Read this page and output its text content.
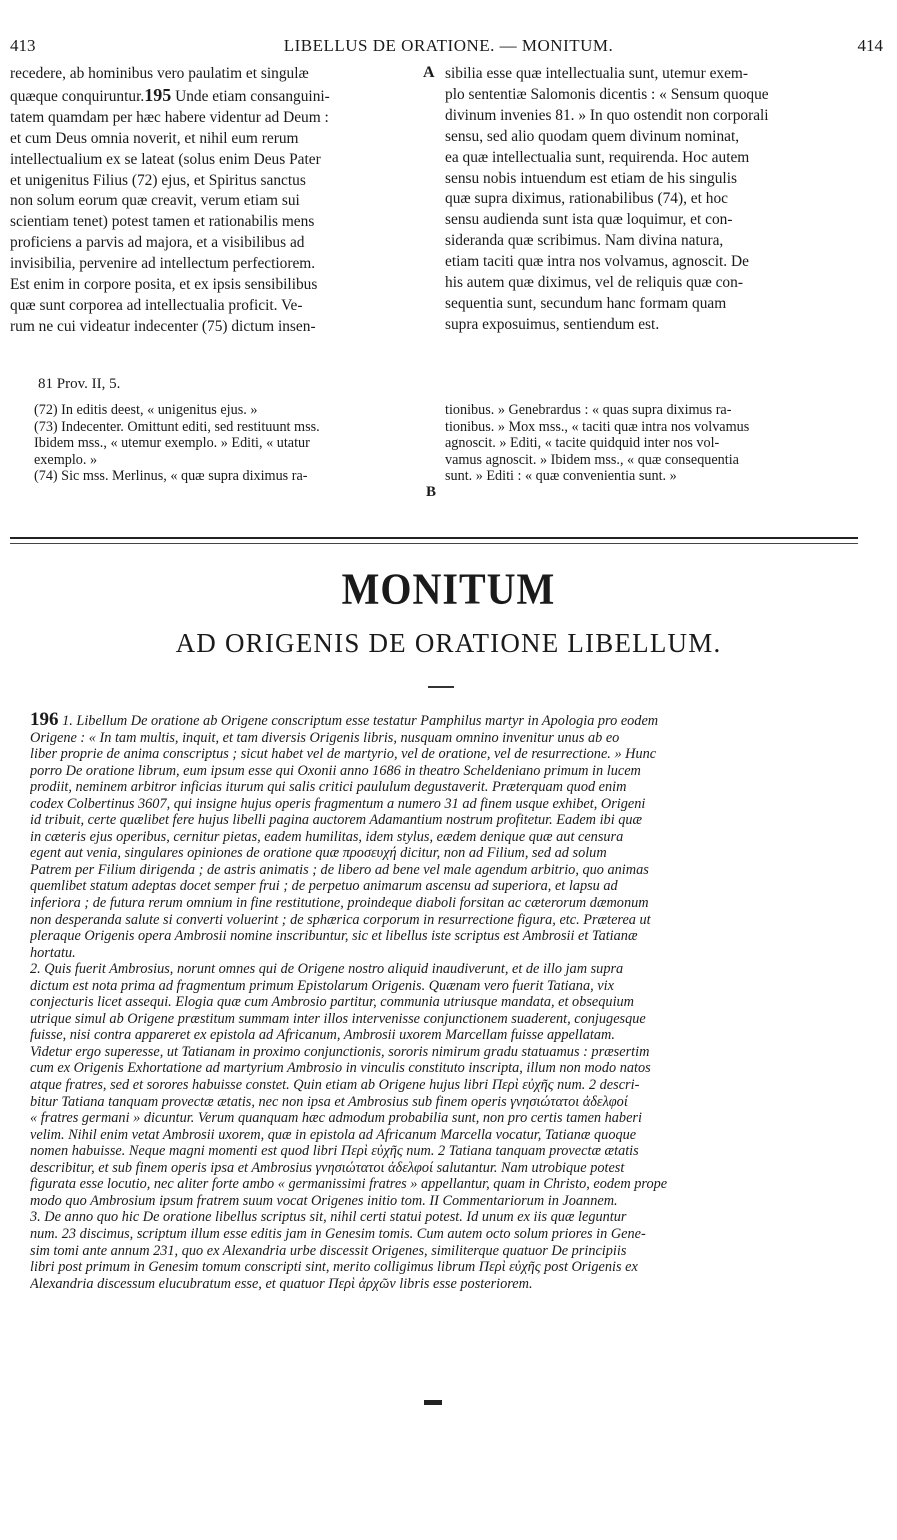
413	LIBELLUS DE ORATIONE. — MONITUM.	414
recedere, ab hominibus vero paulatim et singulæ
quæque conquiruntur.195 Unde etiam consanguini-
tatem quamdam per hæc habere videntur ad Deum :
et cum Deus omnia noverit, et nihil eum rerum
intellectualium ex se lateat (solus enim Deus Pater
et unigenitus Filius (72) ejus, et Spiritus sanctus
non solum eorum quæ creavit, verum etiam sui
scientiam tenet) potest tamen et rationabilis mens
proficiens a parvis ad majora, et a visibilibus ad
invisibilia, pervenire ad intellectum perfectiorem.
Est enim in corpore posita, et ex ipsis sensibilibus
quæ sunt corporea ad intellectualia proficit. Ve-
rum ne cui videatur indecenter (75) dictum insen-
A sibilia esse quæ intellectualia sunt, utemur exem-
plo sententiæ Salomonis dicentis : « Sensum quoque
divinum invenies 81. » In quo ostendit non corporali
sensu, sed alio quodam quem divinum nominat,
ea quæ intellectualia sunt, requirenda. Hoc autem
sensu nobis intuendum est etiam de his singulis
quæ supra diximus, rationabilibus (74), et hoc
sensu audienda sunt ista quæ loquimur, et con-
sideranda quæ scribimus. Nam divina natura,
etiam taciti quæ intra nos volvamus, agnoscit. De
his autem quæ diximus, vel de reliquis quæ con-
sequentia sunt, secundum hanc formam quam
supra exposuimus, sentiendum est.
81 Prov. II, 5.
(72) In editis deest, « unigenitus ejus. »
(73) Indecenter. Omittunt editi, sed restituunt mss.
Ibidem mss., « utemur exemplo. » Editi, « utatur
exemplo. »
(74) Sic mss. Merlinus, « quæ supra diximus ra-
B
tionibus. » Genebrardus : « quas supra diximus ra-
tionibus. » Mox mss., « taciti quæ intra nos volvamus
agnoscit. » Editi, « tacite quidquid inter nos vol-
vamus agnoscit. » Ibidem mss., « quæ consequentia
sunt. » Editi : « quæ convenientia sunt. »
MONITUM
AD ORIGENIS DE ORATIONE LIBELLUM.
196 1. Libellum De oratione ab Origene conscriptum esse testatur Pamphilus martyr in Apologia pro eodem
Origene : « In tam multis, inquit, et tam diversis Origenis libris, nusquam omnino invenitur unus ab eo
liber proprie de anima conscriptus ; sicut habet vel de martyrio, vel de oratione, vel de resurrectione. » Hunc
porro De oratione librum, eum ipsum esse qui Oxonii anno 1686 in theatro Scheldeniano primum in lucem
prodiit, neminem arbitror inficias iturum qui salis critici paululum degustaverit. Præterquam quod enim
codex Colbertinus 3607, qui insigne hujus operis fragmentum a numero 31 ad finem usque exhibet, Origeni
id tribuit, certe quælibet fere hujus libelli pagina auctorem Adamantium nostrum profitetur. Eadem ibi quæ
in cæteris ejus operibus, cernitur pietas, eadem humilitas, idem stylus, eædem denique quæ aut censura
egent aut venia, singulares opiniones de oratione quæ προσευχή dicitur, non ad Filium, sed ad solum
Patrem per Filium dirigenda ; de astris animatis ; de libero ad bene vel male agendum arbitrio, quo animas
quemlibet statum adeptas docet semper frui ; de perpetuo animarum ascensu ad superiora, et lapsu ad
inferiora ; de futura rerum omnium in fine restitutione, proindeque diaboli forsitan ac cæterorum dæmonum
non desperanda salute si converti voluerint ; de sphærica corporum in resurrectione figura, etc. Præterea ut
pleraque Origenis opera Ambrosii nomine inscribuntur, sic et libellus iste scriptus est Ambrosii et Tatianæ
hortatu.
2. Quis fuerit Ambrosius, norunt omnes qui de Origene nostro aliquid inaudiverunt, et de illo jam supra
dictum est nota prima ad fragmentum primum Epistolarum Origenis. Quænam vero fuerit Tatiana, vix
conjecturis licet assequi. Elogia quæ cum Ambrosio partitur, communia utriusque mandata, et obsequium
utrique simul ab Origene præstitum summam inter illos intervenisse conjunctionem suaderent, conjugesque
fuisse, nisi contra appareret ex epistola ad Africanum, Ambrosii uxorem Marcellam fuisse appellatam.
Videtur ergo superesse, ut Tatianam in proximo conjunctionis, sororis nimirum gradu statuamus : præsertim
cum ex Origenis Exhortatione ad martyrium Ambrosio in vinculis constituto inscripta, illum non modo natos
atque fratres, sed et sorores habuisse constet. Quin etiam ab Origene hujus libri Περὶ εὐχῆς num. 2 descri-
bitur Tatiana tanquam provectæ ætatis, nec non ipsa et Ambrosius sub finem operis γνησιώτατοι ἀδελφοί
« fratres germani » dicuntur. Verum quanquam hæc admodum probabilia sunt, non pro certis tamen haberi
velim. Nihil enim vetat Ambrosii uxorem, quæ in epistola ad Africanum Marcella vocatur, Tatianæ quoque
nomen habuisse. Neque magni momenti est quod libri Περὶ εὐχῆς num. 2 Tatiana tanquam provectæ ætatis
describitur, et sub finem operis ipsa et Ambrosius γνησιώτατοι ἀδελφοί salutantur. Nam utrobique potest
figurata esse locutio, nec aliter forte ambo « germanissimi fratres » appellantur, quam in Christo, eodem prope
modo quo Ambrosium ipsum fratrem suum vocat Origenes initio tom. II Commentariorum in Joannem.
3. De anno quo hic De oratione libellus scriptus sit, nihil certi statui potest. Id unum ex iis quæ leguntur
num. 23 discimus, scriptum illum esse editis jam in Genesim tomis. Cum autem octo solum priores in Gene-
sim tomi ante annum 231, quo ex Alexandria urbe discessit Origenes, similiterque quatuor De principiis
libri post primum in Genesim tomum conscripti sint, merito colligimus librum Περὶ εὐχῆς post Origenis ex
Alexandria discessum elucubratum esse, et quatuor Περὶ ἀρχῶν libris esse posteriorem.
